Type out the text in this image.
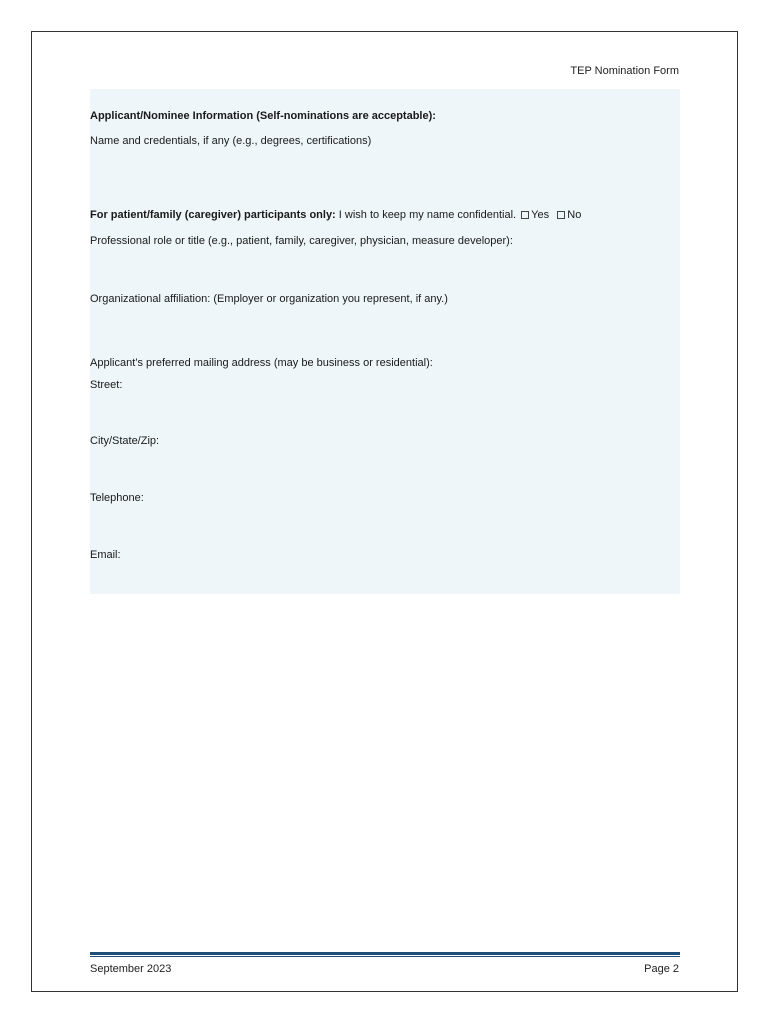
TEP Nomination Form
Applicant/Nominee Information (Self-nominations are acceptable):
Name and credentials, if any (e.g., degrees, certifications)
For patient/family (caregiver) participants only: I wish to keep my name confidential. Yes No
Professional role or title (e.g., patient, family, caregiver, physician, measure developer):
Organizational affiliation: (Employer or organization you represent, if any.)
Applicant’s preferred mailing address (may be business or residential):
Street:
City/State/Zip:
Telephone:
Email:
September 2023	Page 2
